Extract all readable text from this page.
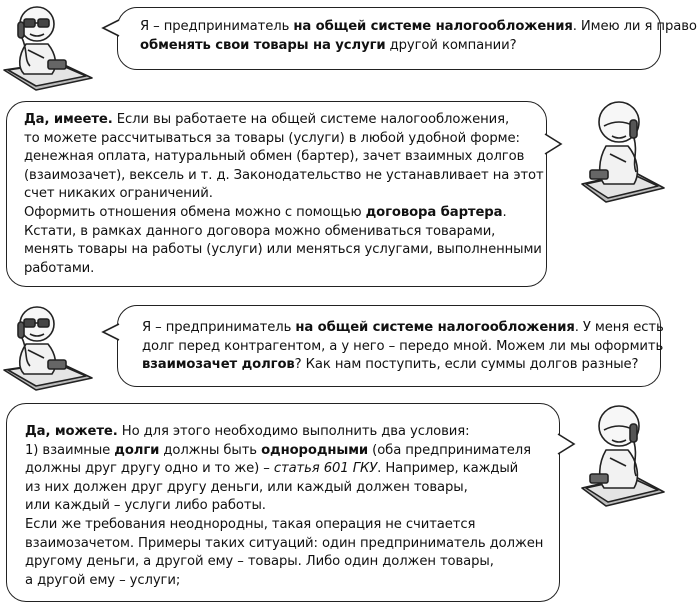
Я – предприниматель на общей системе налогообложения. Имею ли я право
обменять свои товары на услуги другой компании?
Да, имеете. Если вы работаете на общей системе налогообложения,
то можете рассчитываться за товары (услуги) в любой удобной форме:
денежная оплата, натуральный обмен (бартер), зачет взаимных долгов
(взаимозачет), вексель и т. д. Законодательство не устанавливает на этот
счет никаких ограничений.
Оформить отношения обмена можно с помощью договора бартера.
Кстати, в рамках данного договора можно обмениваться товарами,
менять товары на работы (услуги) или меняться услугами, выполненными
работами.
Я – предприниматель на общей системе налогообложения. У меня есть
долг перед контрагентом, а у него – передо мной. Можем ли мы оформить
взаимозачет долгов? Как нам поступить, если суммы долгов разные?
Да, можете. Но для этого необходимо выполнить два условия:
1) взаимные долги должны быть однородными (оба предпринимателя
должны друг другу одно и то же) – статья 601 ГКУ. Например, каждый
из них должен друг другу деньги, или каждый должен товары,
или каждый – услуги либо работы.
Если же требования неоднородны, такая операция не считается
взаимозачетом. Примеры таких ситуаций: один предприниматель должен
другому деньги, а другой ему – товары. Либо один должен товары,
а другой ему – услуги;
